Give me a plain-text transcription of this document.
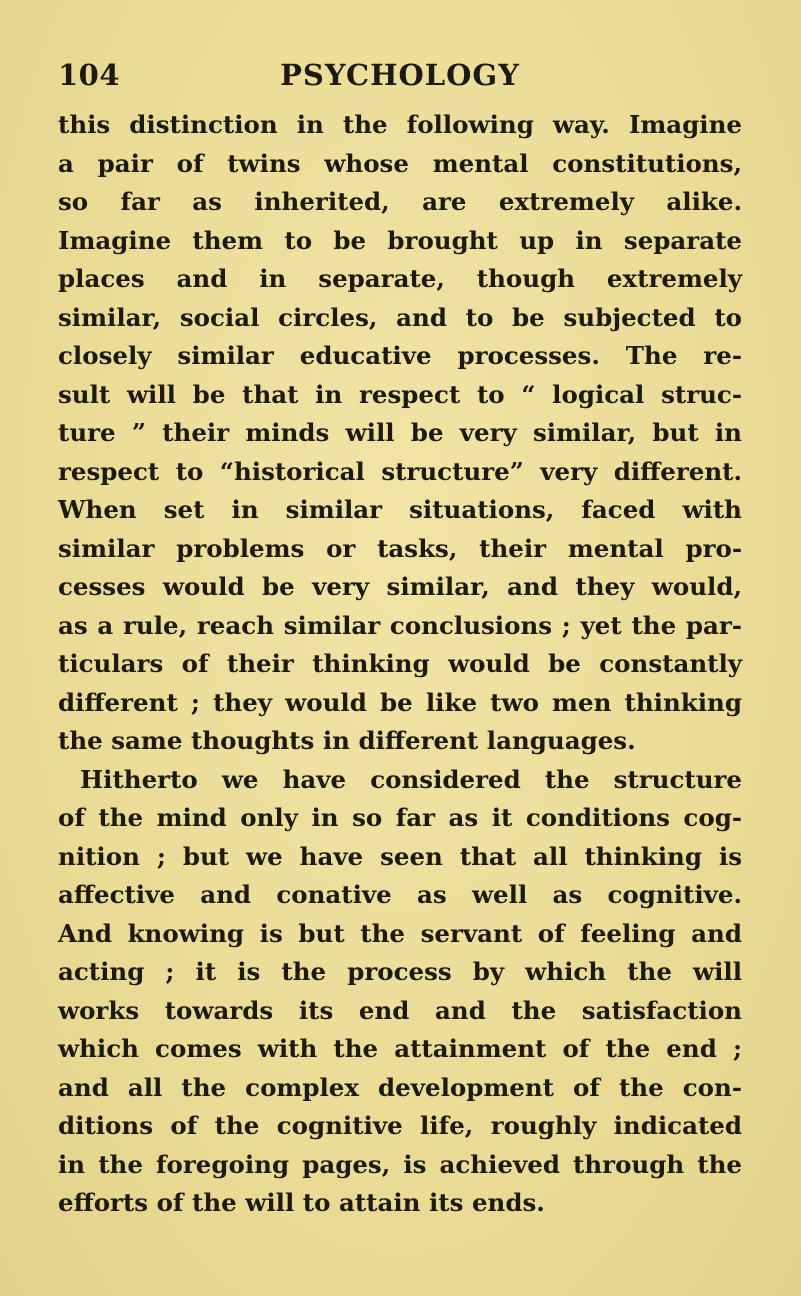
104	PSYCHOLOGY
this distinction in the following way. Imagine
a pair of twins whose mental constitutions,
so far as inherited, are extremely alike.
Imagine them to be brought up in separate
places and in separate, though extremely
similar, social circles, and to be subjected to
closely similar educative processes. The re-
sult will be that in respect to “ logical struc-
ture ” their minds will be very similar, but in
respect to “historical structure” very different.
When set in similar situations, faced with
similar problems or tasks, their mental pro-
cesses would be very similar, and they would,
as a rule, reach similar conclusions ; yet the par-
ticulars of their thinking would be constantly
different ; they would be like two men thinking
the same thoughts in different languages.
Hitherto we have considered the structure
of the mind only in so far as it conditions cog-
nition ; but we have seen that all thinking is
affective and conative as well as cognitive.
And knowing is but the servant of feeling and
acting ; it is the process by which the will
works towards its end and the satisfaction
which comes with the attainment of the end ;
and all the complex development of the con-
ditions of the cognitive life, roughly indicated
in the foregoing pages, is achieved through the
efforts of the will to attain its ends.
